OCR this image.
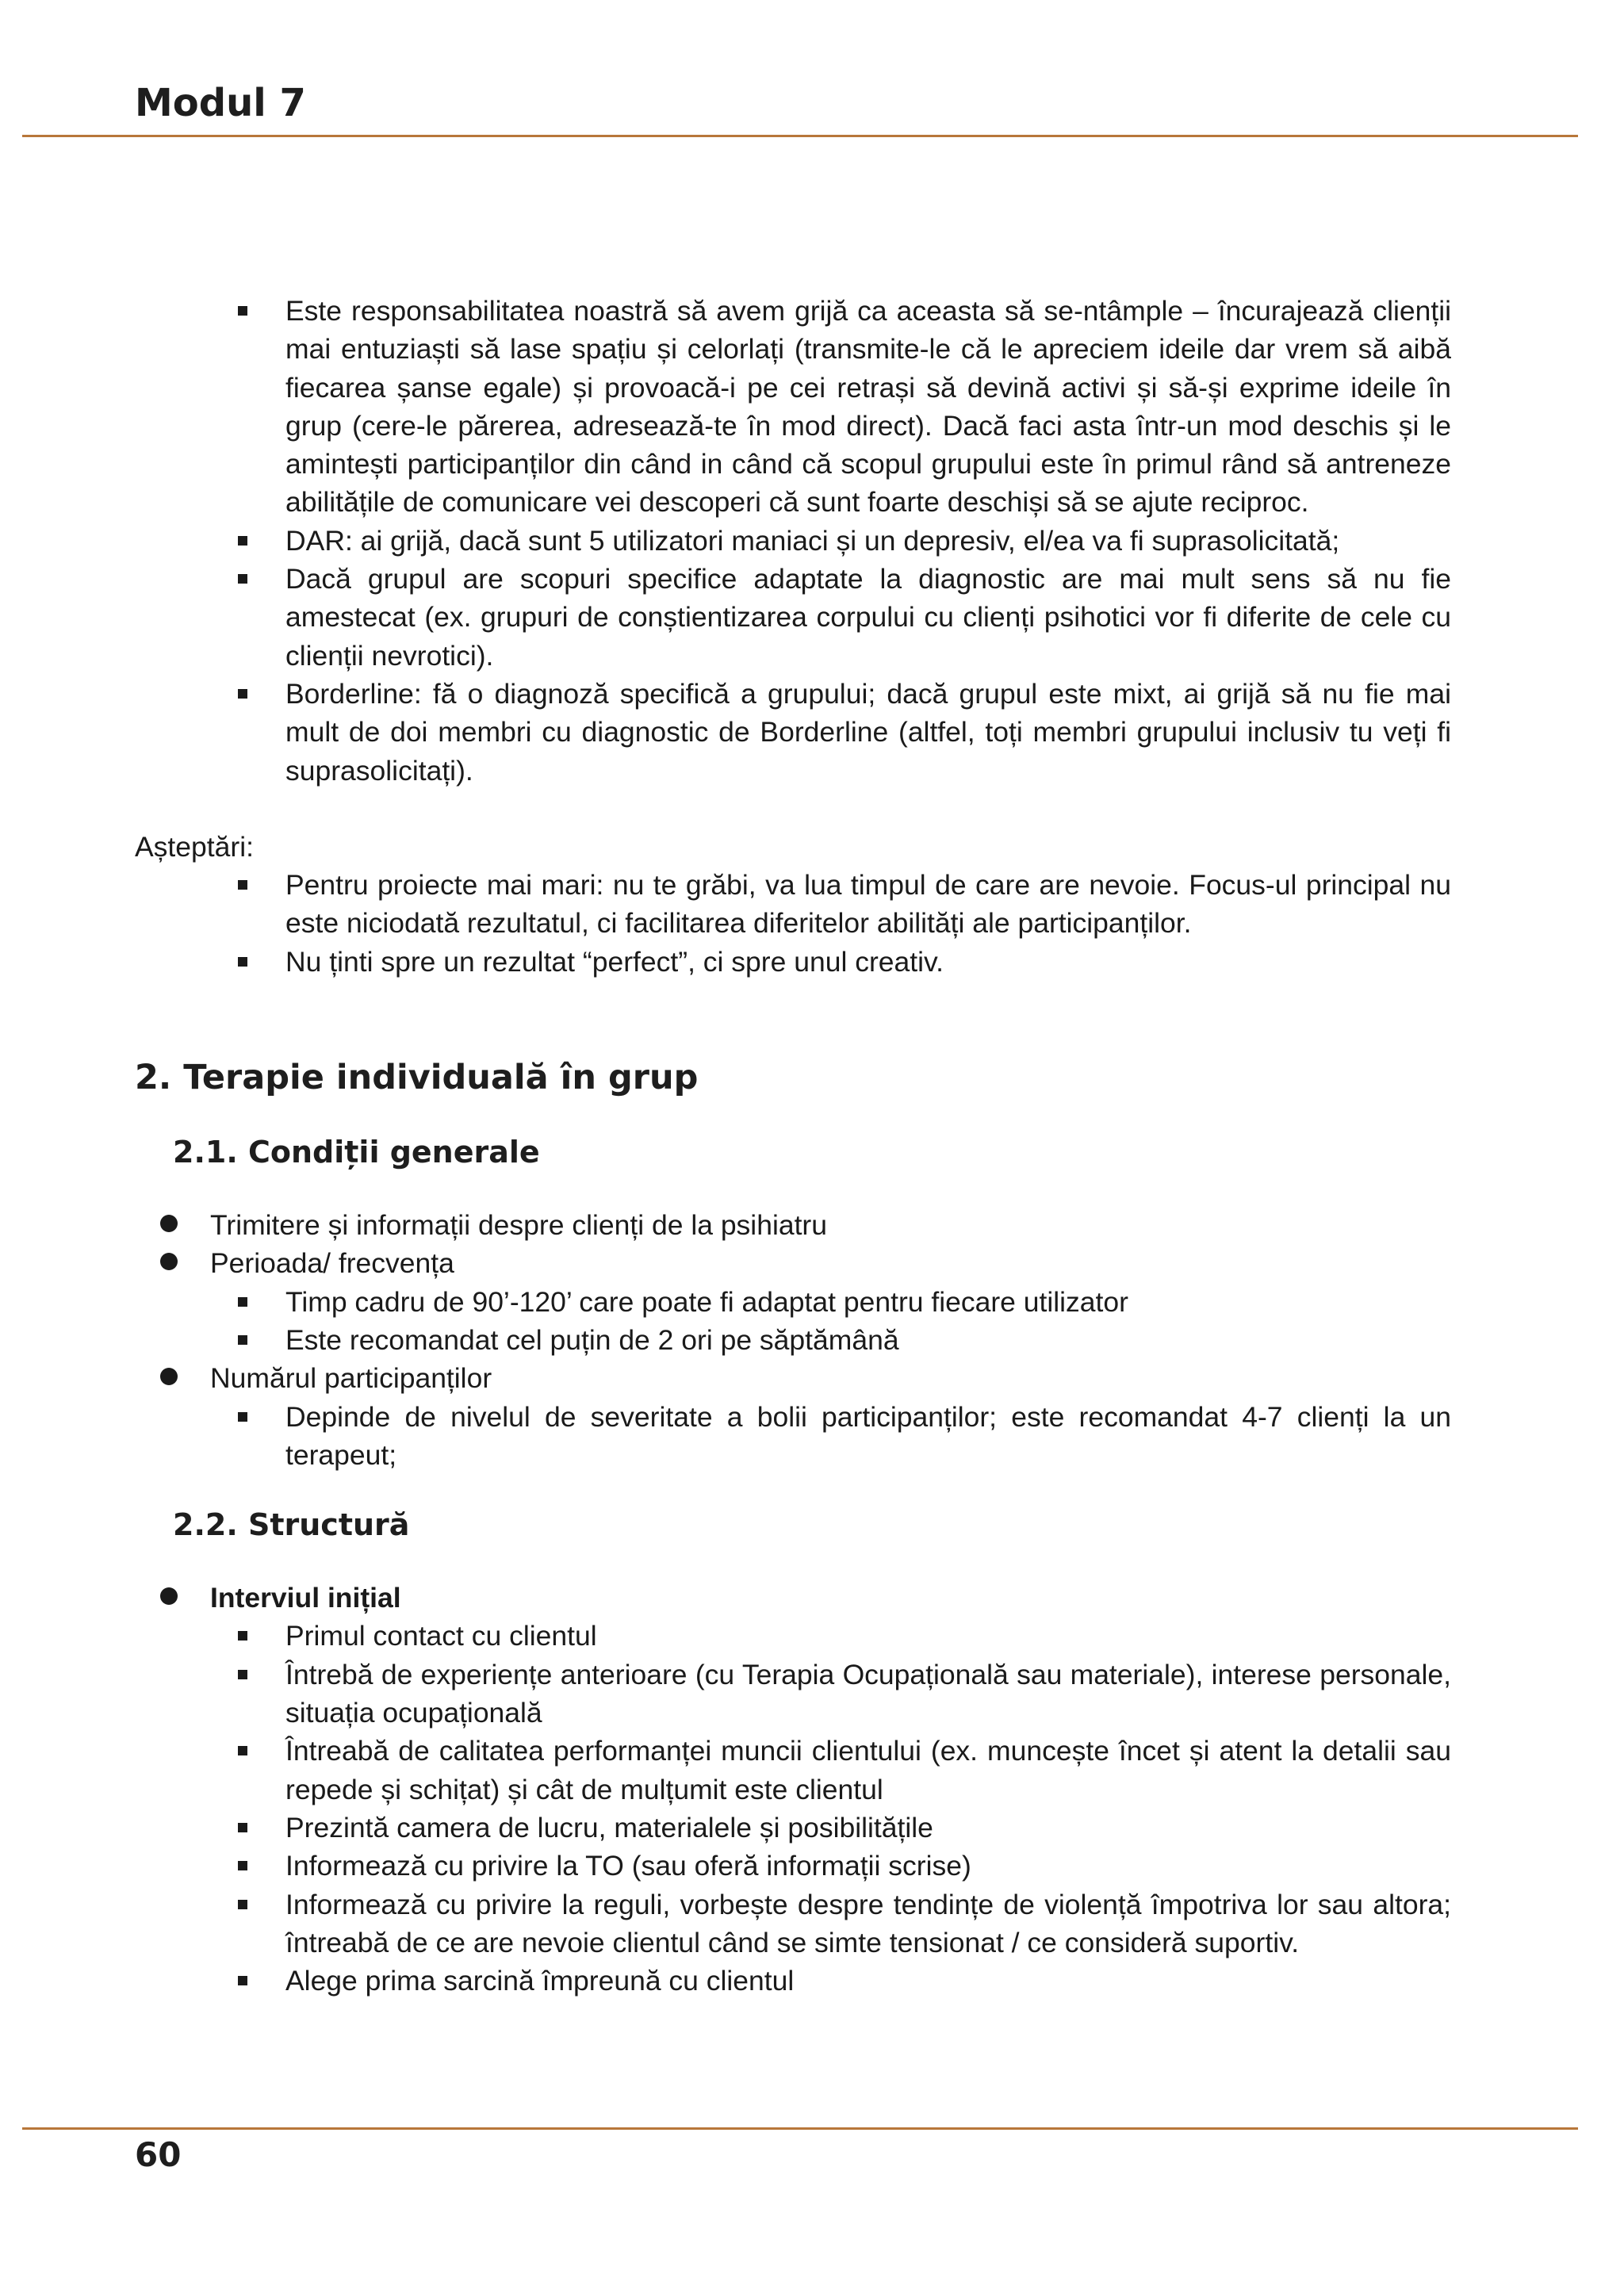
Modul 7
Este responsabilitatea noastră să avem grijă ca aceasta să se-ntâmple – încurajează clienții mai entuziaști să lase spațiu și celorlați (transmite-le că le apreciem ideile dar vrem să aibă fiecarea șanse egale) și provoacă-i pe cei retrași să devină activi și să-și exprime ideile în grup (cere-le părerea, adresează-te în mod direct). Dacă faci asta într-un mod deschis și le amintești participanților din când in când că scopul grupului este în primul rând să antreneze abilitățile de comunicare vei descoperi că sunt foarte deschiși să se ajute reciproc.
DAR: ai grijă, dacă sunt 5 utilizatori maniaci și un depresiv, el/ea va fi suprasolicitată;
Dacă grupul are scopuri specifice adaptate la diagnostic are mai mult sens să nu fie amestecat (ex. grupuri de conștientizarea corpului cu clienți psihotici vor fi diferite de cele cu clienții nevrotici).
Borderline: fă o diagnoză specifică a grupului; dacă grupul este mixt, ai grijă să nu fie mai mult de doi membri cu diagnostic de Borderline (altfel, toți membri grupului inclusiv tu veți fi suprasolicitați).

Așteptări:

Pentru proiecte mai mari: nu te grăbi, va lua timpul de care are nevoie. Focus-ul principal nu este niciodată rezultatul, ci facilitarea diferitelor abilități ale participanților.
Nu ținti spre un rezultat “perfect”, ci spre unul creativ.
2. Terapie individuală în grup
2.1. Condiții generale
Trimitere și informații despre clienți de la psihiatru
Perioada/ frecvența
Timp cadru de 90’-120’ care poate fi adaptat pentru fiecare utilizator
Este recomandat cel puțin de 2 ori pe săptămână
Numărul participanților
Depinde de nivelul de severitate a bolii participanților; este recomandat 4-7 clienți la un terapeut;
2.2. Structură
Interviul inițial
Primul contact cu clientul
Întrebă de experiențe anterioare (cu Terapia Ocupațională sau materiale), interese personale, situația ocupațională
Întreabă de calitatea performanței muncii clientului (ex. muncește încet și atent la detalii sau repede și schițat) și cât de mulțumit este clientul
Prezintă camera de lucru, materialele și posibilitățile
Informează cu privire la TO (sau oferă informații scrise)
Informează cu privire la reguli, vorbește despre tendințe de violență împotriva lor sau altora; întreabă de ce are nevoie clientul când se simte tensionat / ce consideră suportiv.
Alege prima sarcină împreună cu clientul
60
